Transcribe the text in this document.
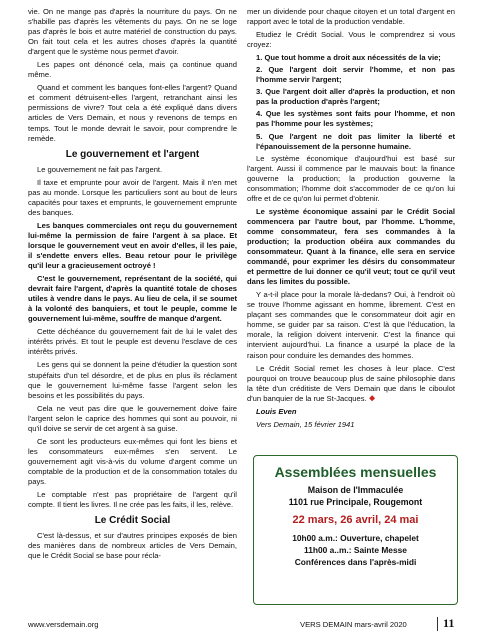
vie. On ne mange pas d'après la nourriture du pays. On ne s'habille pas d'après les vêtements du pays. On ne se loge pas d'après le bois et autre matériel de construction du pays. On fait tout cela et les autres choses d'après la quantité d'argent que le système nous permet d'avoir.

Les papes ont dénoncé cela, mais ça continue quand même.

Quand et comment les banques font-elles l'argent? Quand et comment détruisent-elles l'argent, retranchant ainsi les permissions de vivre? Tout cela a été expliqué dans divers articles de Vers Demain, et nous y revenons de temps en temps. Tout le monde devrait le savoir, pour comprendre le remède.

Le gouvernement et l'argent

Le gouvernement ne fait pas l'argent.

Il taxe et emprunte pour avoir de l'argent. Mais il n'en met pas au monde. Lorsque les particuliers sont au bout de leurs capacités pour taxes et emprunts, le gouvernement emprunte des banques.

Les banques commerciales ont reçu du gouvernement lui-même la permission de faire l'argent à sa place. Et lorsque le gouvernement veut en avoir d'elles, il les paie, il s'endette envers elles. Beau retour pour le privilège qu'il leur a gracieusement octroyé !

C'est le gouvernement, représentant de la société, qui devrait faire l'argent, d'après la quantité totale de choses utiles à vendre dans le pays. Au lieu de cela, il se soumet à la volonté des banquiers, et tout le peuple, comme le gouvernement lui-même, souffre de manque d'argent.

Cette déchéance du gouvernement fait de lui le valet des intérêts privés. Et tout le peuple est devenu l'esclave de ces intérêts privés.

Les gens qui se donnent la peine d'étudier la question sont stupéfaits d'un tel désordre, et de plus en plus ils réclament que le gouvernement lui-même fasse l'argent selon les besoins et les possibilités du pays.

Cela ne veut pas dire que le gouvernement doive faire l'argent selon le caprice des hommes qui sont au pouvoir, ni qu'il doive se servir de cet argent à sa guise.

Ce sont les producteurs eux-mêmes qui font les biens et les consommateurs eux-mêmes s'en servent. Le gouvernement agit vis-à-vis du volume d'argent comme un comptable de la production et de la consommation totales du pays.

Le comptable n'est pas propriétaire de l'argent qu'il compte. Il tient les livres. Il ne crée pas les faits, il les, relève.

Le Crédit Social

C'est là-dessus, et sur d'autres principes exposés de bien des manières dans de nombreux articles de Vers Demain, que le Crédit Social se base pour récla-

mer un dividende pour chaque citoyen et un total d'argent en rapport avec le total de la production vendable.

Etudiez le Crédit Social. Vous le comprendrez si vous croyez:

1. Que tout homme a droit aux nécessités de la vie;

2. Que l'argent doit servir l'homme, et non pas l'homme servir l'argent;

3. Que l'argent doit aller d'après la production, et non pas la production d'après l'argent;

4. Que les systèmes sont faits pour l'homme, et non pas l'homme pour les systèmes;

5. Que l'argent ne doit pas limiter la liberté et l'épanouissement de la personne humaine.

Le système économique d'aujourd'hui est basé sur l'argent. Aussi il commence par le mauvais bout: la finance gouverne la production; la production gouverne la consommation; l'homme doit s'accommoder de ce qu'on lui offre et de ce qu'on lui permet d'obtenir.

Le système économique assaini par le Crédit Social commencera par l'autre bout, par l'homme. L'homme, comme consommateur, fera ses commandes à la production; la production obéira aux commandes du consommateur. Quant à la finance, elle sera en service commandé, pour exprimer les désirs du consommateur et permettre de lui donner ce qu'il veut; tout ce qu'il veut dans les limites du possible.

Y a-t-il place pour la morale là-dedans? Oui, à l'endroit où se trouve l'homme agissant en homme, librement. C'est en plaçant ses commandes que le consommateur doit agir en homme, se guider par sa raison. C'est là que l'éducation, la morale, la religion doivent intervenir. C'est la finance qui intervient aujourd'hui. La finance a usurpé la place de la raison pour conduire les demandes des hommes.

Le Crédit Social remet les choses à leur place. C'est pourquoi on trouve beaucoup plus de saine philosophie dans la tête d'un créditiste de Vers Demain que dans le ciboulot d'un banquier de la rue St-Jacques. ❖

Louis Even

Vers Demain, 15 février 1941

Assemblées mensuelles
Maison de l'Immaculée
1101 rue Principale, Rougemont
22 mars, 26 avril, 24 mai
10h00 a.m.: Ouverture, chapelet
11h00 a..m.: Sainte Messe
Conférences dans l'après-midi
www.versdemain.org	VERS DEMAIN mars-avril 2020	11
